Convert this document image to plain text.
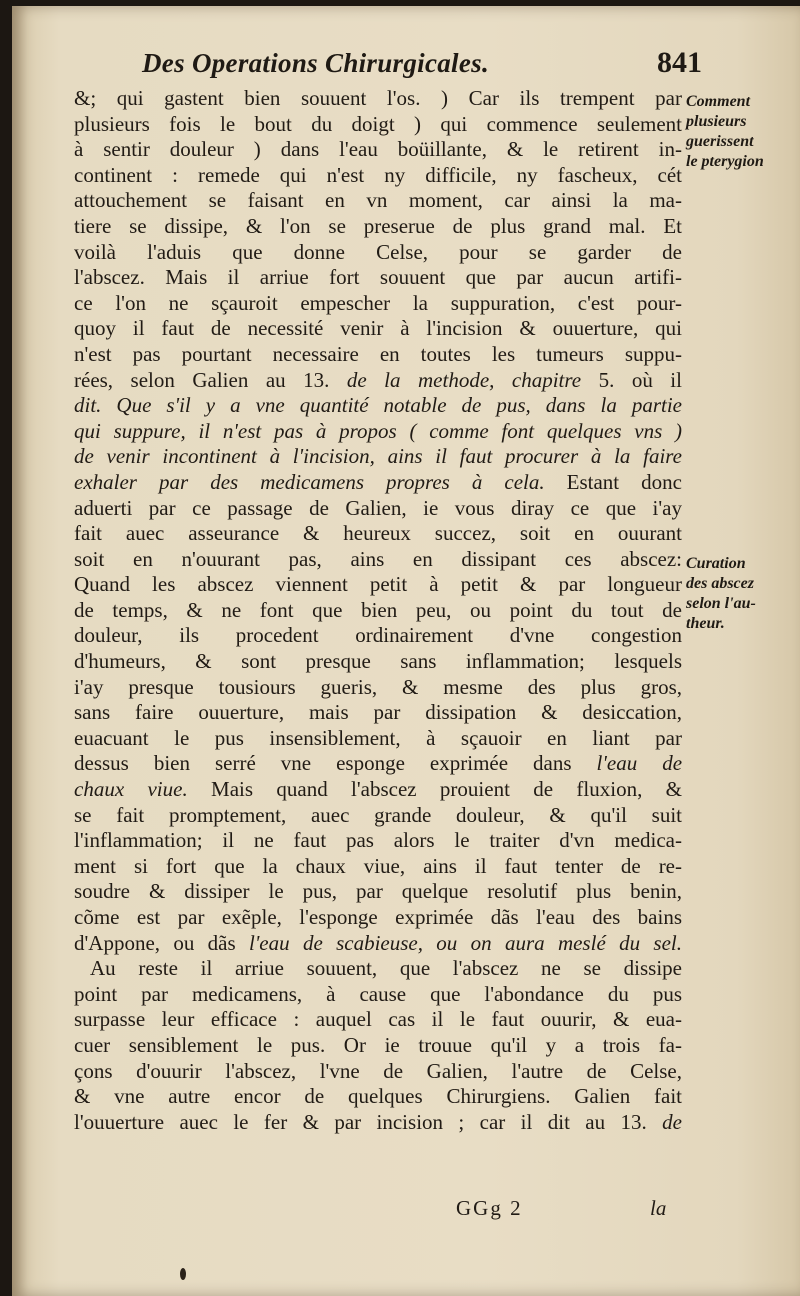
Des Operations Chirurgicales.	841
&; qui gastent bien souuent l'os. ) Car ils trempent par
plusieurs fois le bout du doigt ) qui commence seulement
à sentir douleur ) dans l'eau boüillante, & le retirent in-
continent : remede qui n'est ny difficile, ny fascheux, cét
attouchement se faisant en vn moment, car ainsi la ma-
tiere se dissipe, & l'on se preserue de plus grand mal. Et
voilà l'aduis que donne Celse, pour se garder de
l'abscez. Mais il arriue fort souuent que par aucun artifi-
ce l'on ne sçauroit empescher la suppuration, c'est pour-
quoy il faut de necessité venir à l'incision & ouuerture, qui
n'est pas pourtant necessaire en toutes les tumeurs suppu-
rées, selon Galien au 13. de la methode, chapitre 5. où il
dit. Que s'il y a vne quantité notable de pus, dans la partie
qui suppure, il n'est pas à propos ( comme font quelques vns )
de venir incontinent à l'incision, ains il faut procurer à la faire
exhaler par des medicamens propres à cela. Estant donc
aduerti par ce passage de Galien, ie vous diray ce que i'ay
fait auec asseurance & heureux succez, soit en ouurant
soit en n'ouurant pas, ains en dissipant ces abscez:
Quand les abscez viennent petit à petit & par longueur
de temps, & ne font que bien peu, ou point du tout de
douleur, ils procedent ordinairement d'vne congestion
d'humeurs, & sont presque sans inflammation; lesquels
i'ay presque tousiours gueris, & mesme des plus gros,
sans faire ouuerture, mais par dissipation & desiccation,
euacuant le pus insensiblement, à sçauoir en liant par
dessus bien serré vne esponge exprimée dans l'eau de
chaux viue. Mais quand l'abscez prouient de fluxion, &
se fait promptement, auec grande douleur, & qu'il suit
l'inflammation; il ne faut pas alors le traiter d'vn medica-
ment si fort que la chaux viue, ains il faut tenter de re-
soudre & dissiper le pus, par quelque resolutif plus benin,
cõme est par exẽple, l'esponge exprimée dãs l'eau des bains
d'Appone, ou dãs l'eau de scabieuse, ou on aura meslé du sel.
Au reste il arriue souuent, que l'abscez ne se dissipe
point par medicamens, à cause que l'abondance du pus
surpasse leur efficace : auquel cas il le faut ouurir, & eua-
cuer sensiblement le pus. Or ie trouue qu'il y a trois fa-
çons d'ouurir l'abscez, l'vne de Galien, l'autre de Celse,
& vne autre encor de quelques Chirurgiens. Galien fait
l'ouuerture auec le fer & par incision ; car il dit au 13. de
Comment
plusieurs
guerissent
le pterygion
Curation
des abscez
selon l'au-
theur.
GGg 2	la
